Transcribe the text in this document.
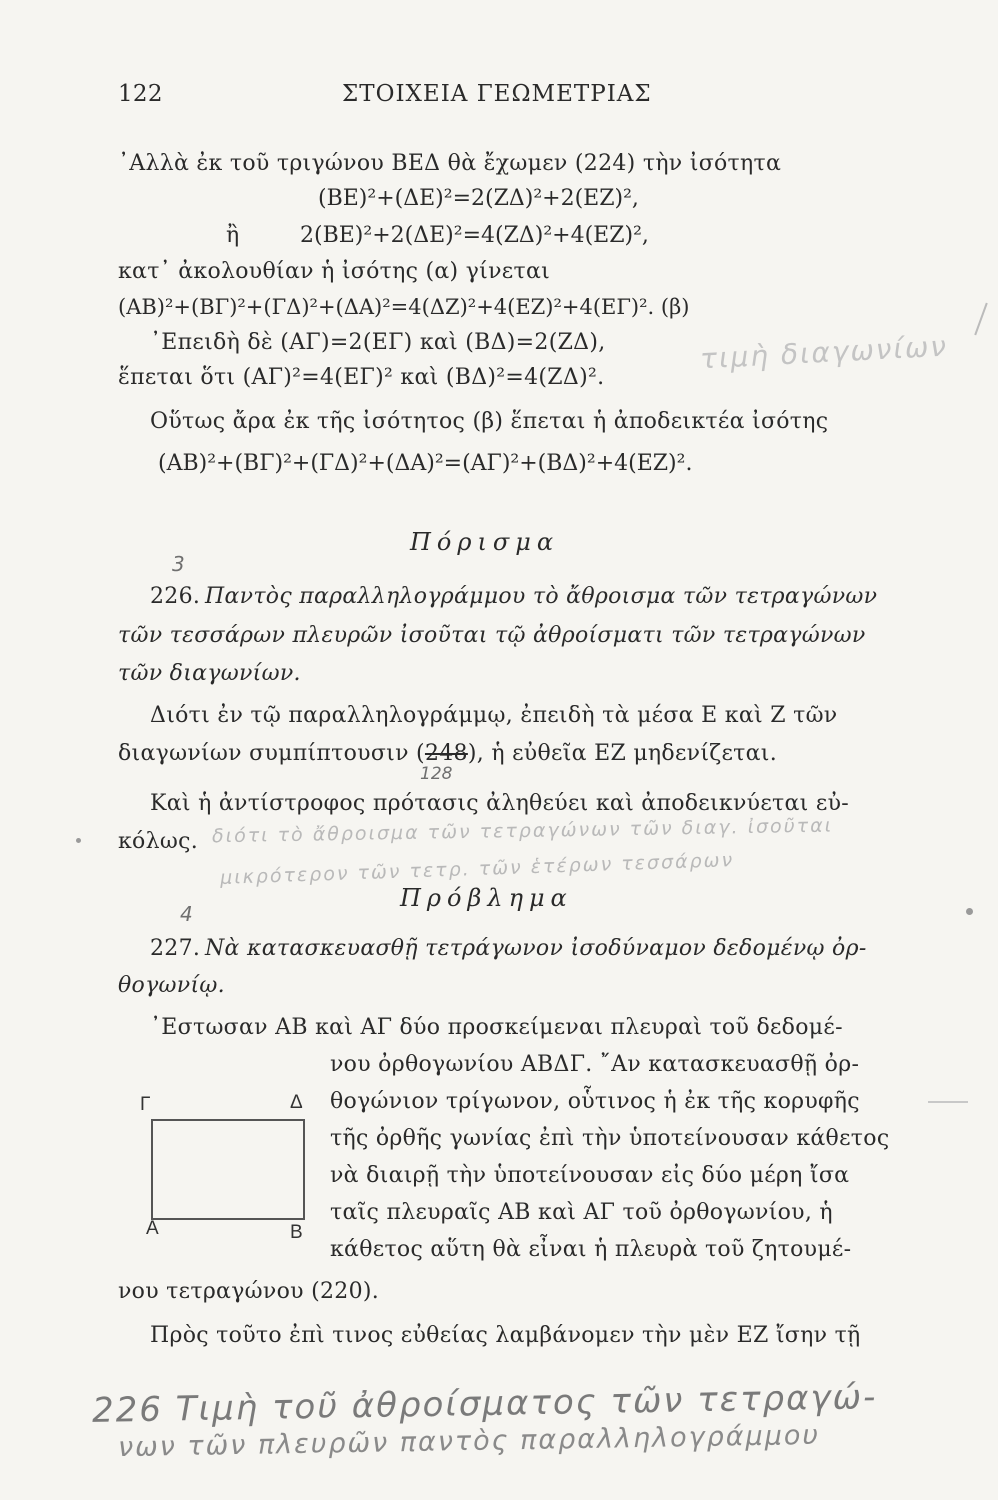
122	ΣΤΟΙΧΕΙΑ ΓΕΩΜΕΤΡΙΑΣ
᾿Αλλὰ ἐκ τοῦ τριγώνου ΒΕΔ θὰ ἔχωμεν (224) τὴν ἰσότητα
(ΒΕ)²+(ΔΕ)²=2(ΖΔ)²+2(ΕΖ)²,
ἢ	2(ΒΕ)²+2(ΔΕ)²=4(ΖΔ)²+4(ΕΖ)²,
κατ᾿ ἀκολουθίαν ἡ ἰσότης (α) γίνεται
(ΑΒ)²+(ΒΓ)²+(ΓΔ)²+(ΔΑ)²=4(ΔΖ)²+4(ΕΖ)²+4(ΕΓ)². (β)
᾿Επειδὴ δὲ (ΑΓ)=2(ΕΓ) καὶ (ΒΔ)=2(ΖΔ),
ἕπεται ὅτι (ΑΓ)²=4(ΕΓ)² καὶ (ΒΔ)²=4(ΖΔ)².
Οὕτως ἄρα ἐκ τῆς ἰσότητος (β) ἕπεται ἡ ἀποδεικτέα ἰσότης
(ΑΒ)²+(ΒΓ)²+(ΓΔ)²+(ΔΑ)²=(ΑΓ)²+(ΒΔ)²+4(ΕΖ)².
τιμὴ διαγωνίων
Πόρισμα
3
226. Παντὸς παραλληλογράμμου τὸ ἄθροισμα τῶν τετραγώνων
τῶν τεσσάρων πλευρῶν ἰσοῦται τῷ ἀθροίσματι τῶν τετραγώνων
τῶν διαγωνίων.
Διότι ἐν τῷ παραλληλογράμμῳ, ἐπειδὴ τὰ μέσα Ε καὶ Ζ τῶν
διαγωνίων συμπίπτουσιν (248), ἡ εὐθεῖα ΕΖ μηδενίζεται.
128
Καὶ ἡ ἀντίστροφος πρότασις ἀληθεύει καὶ ἀποδεικνύεται εὐ-
κόλως. διότι τὸ ἄθροισμα τῶν τετραγώνων τῶν διαγ. ἰσοῦται
μικρότερον τῶν τετρ. τῶν ἑτέρων τεσσάρων
4
Πρόβλημα
227. Νὰ κατασκευασθῇ τετράγωνον ἰσοδύναμον δεδομένῳ ὀρ-
θογωνίῳ.
᾿Εστωσαν ΑΒ καὶ ΑΓ δύο προσκείμεναι πλευραὶ τοῦ δεδομέ-
νου ὀρθογωνίου ΑΒΔΓ. ῎Αν κατασκευασθῇ ὀρ-
θογώνιον τρίγωνον, οὗτινος ἡ ἐκ τῆς κορυφῆς
τῆς ὀρθῆς γωνίας ἐπὶ τὴν ὑποτείνουσαν κάθετος
νὰ διαιρῇ τὴν ὑποτείνουσαν εἰς δύο μέρη ἴσα
ταῖς πλευραῖς ΑΒ καὶ ΑΓ τοῦ ὀρθογωνίου, ἡ
κάθετος αὕτη θὰ εἶναι ἡ πλευρὰ τοῦ ζητουμέ-
νου τετραγώνου (220).
Πρὸς τοῦτο ἐπὶ τινος εὐθείας λαμβάνομεν τὴν μὲν ΕΖ ἴσην τῇ
Γ	Δ
Α	Β
226 Τιμὴ τοῦ ἀθροίσματος τῶν τετραγώ-
νων τῶν πλευρῶν παντὸς παραλληλογράμμου
